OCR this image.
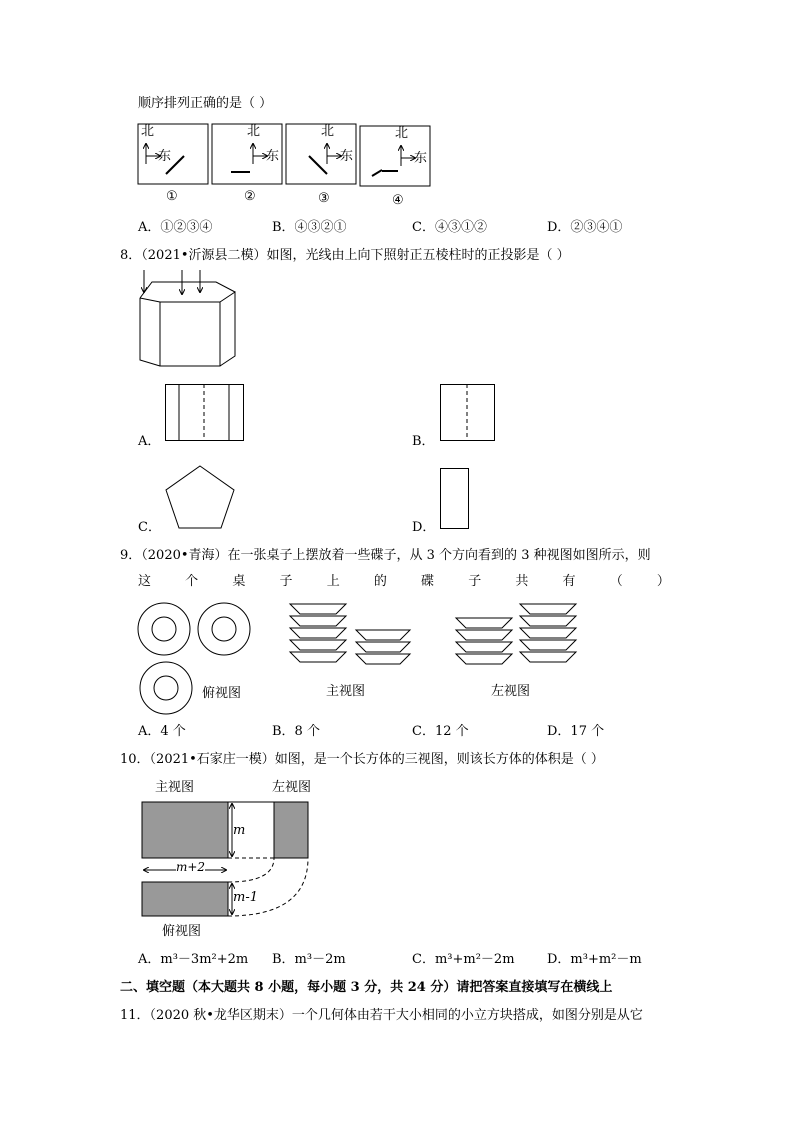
顺序排列正确的是（ ）
北
东
北
东
北
东
北
东
①	②	③	④
A．①②③④	B．④③②①	C．④③①②	D．②③④①
8．（2021•沂源县二模）如图，光线由上向下照射正五棱柱时的正投影是（ ）
A．	B．
C．	D．
9．（2020•青海）在一张桌子上摆放着一些碟子，从 3 个方向看到的 3 种视图如图所示，则
这	个	桌	子	上	的	碟	子	共	有	（	）
俯视图	主视图	左视图
A．4 个	B．8 个	C．12 个	D．17 个
10．（2021•石家庄一模）如图，是一个长方体的三视图，则该长方体的体积是（ ）
主视图	左视图
m
m+2
m-1
俯视图
A．m³－3m²+2m B．m³－2m	C．m³+m²－2m D．m³+m²－m
二、填空题（本大题共 8 小题，每小题 3 分，共 24 分）请把答案直接填写在横线上
11．（2020 秋•龙华区期末）一个几何体由若干大小相同的小立方块搭成，如图分别是从它
